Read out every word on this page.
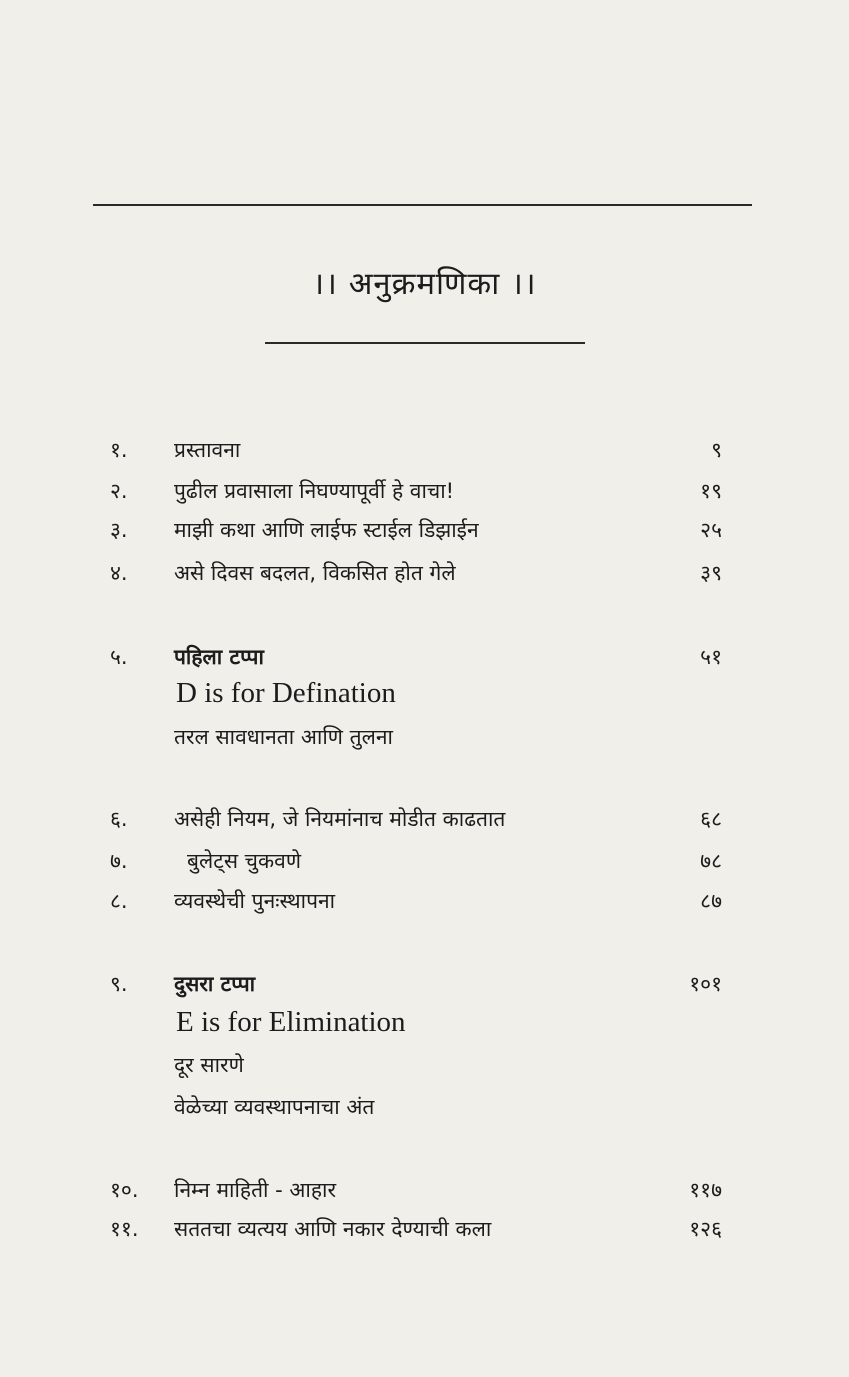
।। अनुक्रमणिका ।।
१. प्रस्तावना	९
२. पुढील प्रवासाला निघण्यापूर्वी हे वाचा!	१९
३. माझी कथा आणि लाईफ स्टाईल डिझाईन	२५
४. असे दिवस बदलत, विकसित होत गेले	३९
५. पहिला टप्पा	५१
D is for Defination
तरल सावधानता आणि तुलना
६. असेही नियम, जे नियमांनाच मोडीत काढतात	६८
७.	बुलेट्स चुकवणे	७८
८. व्यवस्थेची पुनःस्थापना	८७
९. दुसरा टप्पा	१०१
E is for Elimination
दूर सारणे
वेळेच्या व्यवस्थापनाचा अंत
१०. निम्न माहिती - आहार	११७
११. सततचा व्यत्यय आणि नकार देण्याची कला	१२६
